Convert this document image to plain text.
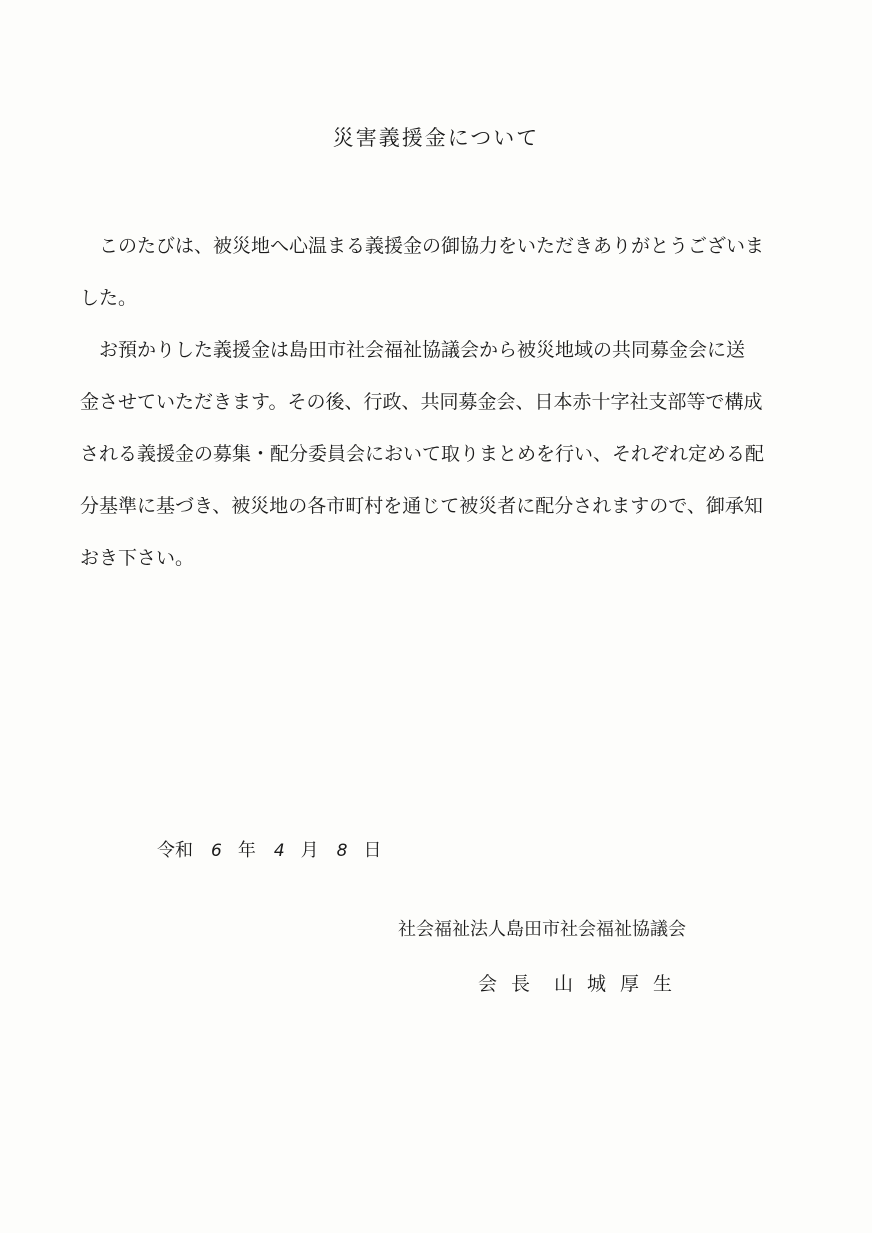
災害義援金について
　このたびは、被災地へ心温まる義援金の御協力をいただきありがとうございま
した。
　お預かりした義援金は島田市社会福祉協議会から被災地域の共同募金会に送
金させていただきます。その後、行政、共同募金会、日本赤十字社支部等で構成
される義援金の募集・配分委員会において取りまとめを行い、それぞれ定める配
分基準に基づき、被災地の各市町村を通じて被災者に配分されますので、御承知
おき下さい。
令和 6 年 4 月 8 日
社会福祉法人島田市社会福祉協議会
会長 山城厚生
